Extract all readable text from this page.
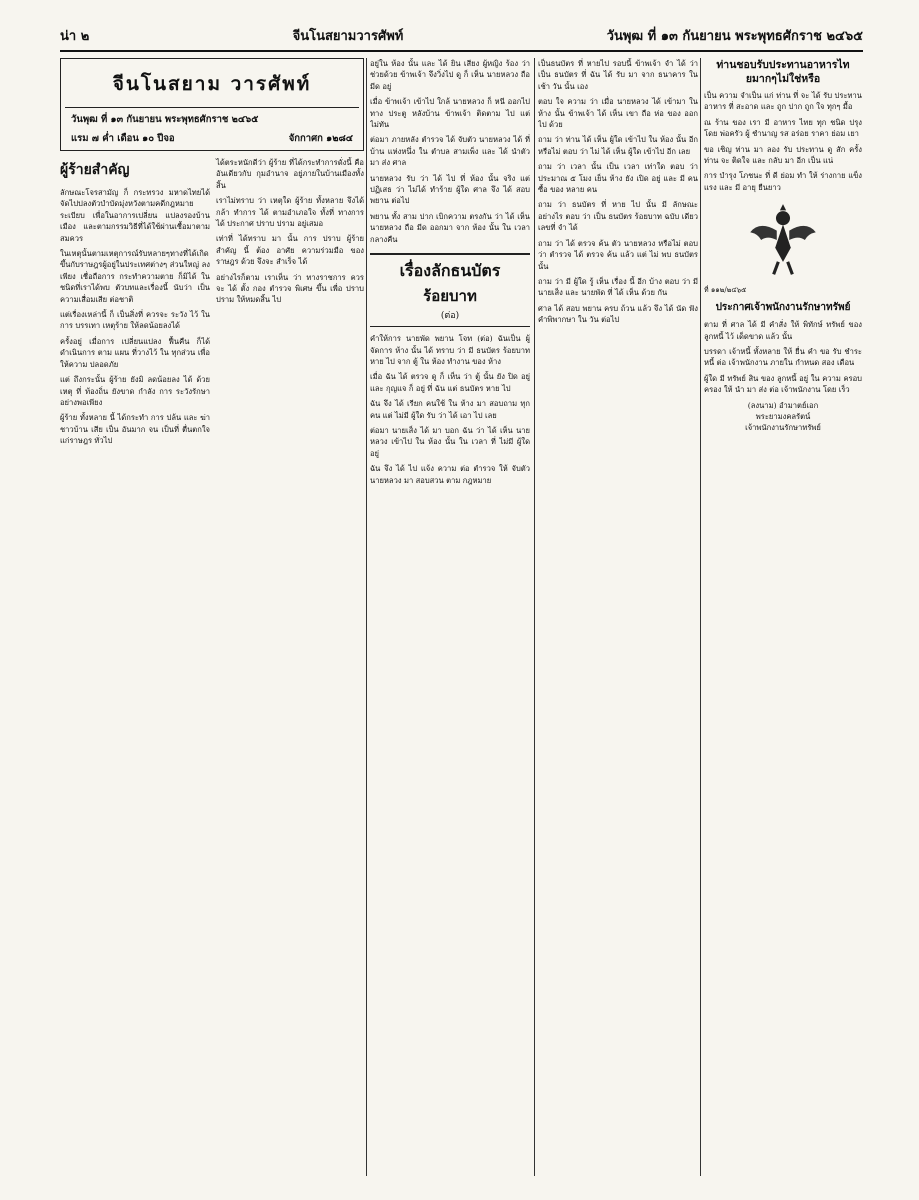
น่า ๒	จีนโนสยามวารศัพท์	วันพุฒ ที่ ๑๓ กันยายน พระพุทธศักราช ๒๔๖๕
จีนโนสยาม วารศัพท์
วันพุฒ ที่ ๑๓ กันยายน พระพุทธศักราช ๒๔๖๕
แรม ๗ ค่ำ เดือน ๑๐ ปีจอ	จักกาศก ๑๒๘๔
ผู้ร้ายสำคัญ

ลักษณะโจรสามัญ ก็ กระทรวง มหาดไทยได้จัดไปปลงตัวบำบัดมุ่งหวังตามคดีกฎหมายระเบียบ เพื่อในอาการเปลี่ยน แปลงรองบ้านเมือง และตามกรรมวิธีที่ได้ใช้ผ่านเชื้อมาตามสมควร

ในเหตุนั้นตามเหตุการณ์รับหลายๆทางที่ได้เกิดขึ้นกับราษฎรผู้อยู่ในประเทศต่างๆ ส่วนใหญ่ ลงเพียง เชื่อถือการ กระทำความตาย ก็มิได้ ในชนิดที่เราได้พบ ตัวบทและเรื่องนี้ นับว่า เป็น ความเสื่อมเสีย ต่อชาติ

แต่เรื่องเหล่านี้ ก็ เป็นสิ่งที่ ควรจะ ระวัง ไว้ ในการ บรรเทา เหตุร้าย ให้ลดน้อยลงได้

ครั้งอยู่ เมื่อการ เปลี่ยนแปลง ฟื้นคืน ก็ได้ ดำเนินการ ตาม แผน ที่วางไว้ ใน ทุกส่วน เพื่อให้ความ ปลอดภัย

แต่ ถึงกระนั้น ผู้ร้าย ยังมิ ลดน้อยลง ได้ ด้วย เหตุ ที่ ท้องถิ่น ยังขาด กำลัง การ ระวังรักษา อย่างพอเพียง

ผู้ร้าย ทั้งหลาย นี้ ได้กระทำ การ ปล้น และ ฆ่าชาวบ้าน เสีย เป็น อันมาก จน เป็นที่ ตื่นตกใจ แก่ราษฎร ทั่วไป

ได้ตระหนักดีว่า ผู้ร้าย ที่ได้กระทำการดั่งนี้ คือ อันเดียวกับ กุมอำนาจ อยู่ภายในบ้านเมืองทั้งสิ้น

เราไม่ทราบ ว่า เหตุใด ผู้ร้าย ทั้งหลาย จึงได้ กล้า ทำการ ได้ ตามอำเภอใจ ทั้งที่ ทางการ ได้ ประกาศ ปราบ ปราม อยู่เสมอ

เท่าที่ ได้ทราบ มา นั้น การ ปราบ ผู้ร้าย สำคัญ นี้ ต้อง อาศัย ความร่วมมือ ของ ราษฎร ด้วย จึงจะ สำเร็จ ได้

อย่างไรก็ตาม เราเห็น ว่า ทางราชการ ควร จะ ได้ ตั้ง กอง ตำรวจ พิเศษ ขึ้น เพื่อ ปราบ ปราม ให้หมดสิ้น ไป

อยู่ใน ห้อง นั้น และ ได้ ยิน เสียง ผู้หญิง ร้อง ว่า ช่วยด้วย ข้าพเจ้า จึงวิ่งไป ดู ก็ เห็น นายหลวง ถือ มีด อยู่

เมื่อ ข้าพเจ้า เข้าไป ใกล้ นายหลวง ก็ หนี ออกไป ทาง ประตู หลังบ้าน ข้าพเจ้า ติดตาม ไป แต่ไม่ทัน

ต่อมา ภายหลัง ตำรวจ ได้ จับตัว นายหลวง ได้ ที่ บ้าน แห่งหนึ่ง ใน ตำบล สามเพ็ง และ ได้ นำตัว มา ส่ง ศาล

นายหลวง รับ ว่า ได้ ไป ที่ ห้อง นั้น จริง แต่ ปฏิเสธ ว่า ไม่ได้ ทำร้าย ผู้ใด ศาล จึง ได้ สอบ พยาน ต่อไป

พยาน ทั้ง สาม ปาก เบิกความ ตรงกัน ว่า ได้ เห็น นายหลวง ถือ มีด ออกมา จาก ห้อง นั้น ใน เวลา กลางคืน

เรื่องลักธนบัตร
ร้อยบาท
(ต่อ)

คำให้การ นายพัด พยาน โจท (ต่อ) ฉันเป็น ผู้ จัดการ ห้าง นั้น ได้ ทราบ ว่า มี ธนบัตร ร้อยบาท หาย ไป จาก ตู้ ใน ห้อง ทำงาน ของ ห้าง

เมื่อ ฉัน ได้ ตรวจ ดู ก็ เห็น ว่า ตู้ นั้น ยัง ปิด อยู่ และ กุญแจ ก็ อยู่ ที่ ฉัน แต่ ธนบัตร หาย ไป

ฉัน จึง ได้ เรียก คนใช้ ใน ห้าง มา สอบถาม ทุกคน แต่ ไม่มี ผู้ใด รับ ว่า ได้ เอา ไป เลย

ต่อมา นายเส็ง ได้ มา บอก ฉัน ว่า ได้ เห็น นายหลวง เข้าไป ใน ห้อง นั้น ใน เวลา ที่ ไม่มี ผู้ใด อยู่

ฉัน จึง ได้ ไป แจ้ง ความ ต่อ ตำรวจ ให้ จับตัว นายหลวง มา สอบสวน ตาม กฎหมาย

เป็นธนบัตร ที่ หายไป รอบนี้ ข้าพเจ้า จำ ได้ ว่า เป็น ธนบัตร ที่ ฉัน ได้ รับ มา จาก ธนาคาร ใน เช้า วัน นั้น เอง

ตอบ ใจ ความ ว่า เมื่อ นายหลวง ได้ เข้ามา ใน ห้าง นั้น ข้าพเจ้า ได้ เห็น เขา ถือ ห่อ ของ ออก ไป ด้วย

ถาม ว่า ท่าน ได้ เห็น ผู้ใด เข้าไป ใน ห้อง นั้น อีก หรือไม่ ตอบ ว่า ไม่ ได้ เห็น ผู้ใด เข้าไป อีก เลย

ถาม ว่า เวลา นั้น เป็น เวลา เท่าใด ตอบ ว่า ประมาณ ๕ โมง เย็น ห้าง ยัง เปิด อยู่ และ มี คน ซื้อ ของ หลาย คน

ถาม ว่า ธนบัตร ที่ หาย ไป นั้น มี ลักษณะ อย่างไร ตอบ ว่า เป็น ธนบัตร ร้อยบาท ฉบับ เดียว เลขที่ จำ ได้

ถาม ว่า ได้ ตรวจ ค้น ตัว นายหลวง หรือไม่ ตอบ ว่า ตำรวจ ได้ ตรวจ ค้น แล้ว แต่ ไม่ พบ ธนบัตร นั้น

ถาม ว่า มี ผู้ใด รู้ เห็น เรื่อง นี้ อีก บ้าง ตอบ ว่า มี นายเส็ง และ นายพัด ที่ ได้ เห็น ด้วย กัน

ศาล ได้ สอบ พยาน ครบ ถ้วน แล้ว จึง ได้ นัด ฟัง คำพิพากษา ใน วัน ต่อไป

ท่านชอบรับประทานอาหารไทยมากๆไม่ใช่หรือ

เป็น ความ จำเป็น แก่ ท่าน ที่ จะ ได้ รับ ประทาน อาหาร ที่ สะอาด และ ถูก ปาก ถูก ใจ ทุกๆ มื้อ

ณ ร้าน ของ เรา มี อาหาร ไทย ทุก ชนิด ปรุง โดย พ่อครัว ผู้ ชำนาญ รส อร่อย ราคา ย่อม เยา

ขอ เชิญ ท่าน มา ลอง รับ ประทาน ดู สัก ครั้ง ท่าน จะ ติดใจ และ กลับ มา อีก เป็น แน่

การ บำรุง โภชนะ ที่ ดี ย่อม ทำ ให้ ร่างกาย แข็งแรง และ มี อายุ ยืนยาว

ที่ ๑๑๒/๒๔๖๕
ประกาศเจ้าพนักงานรักษาทรัพย์

ตาม ที่ ศาล ได้ มี คำสั่ง ให้ พิทักษ์ ทรัพย์ ของ ลูกหนี้ ไว้ เด็ดขาด แล้ว นั้น

บรรดา เจ้าหนี้ ทั้งหลาย ให้ ยื่น คำ ขอ รับ ชำระ หนี้ ต่อ เจ้าพนักงาน ภายใน กำหนด สอง เดือน

ผู้ใด มี ทรัพย์ สิน ของ ลูกหนี้ อยู่ ใน ความ ครอบครอง ให้ นำ มา ส่ง ต่อ เจ้าพนักงาน โดย เร็ว

(ลงนาม) อำมาตย์เอก
พระยามงคลรัตน์
เจ้าพนักงานรักษาทรัพย์
